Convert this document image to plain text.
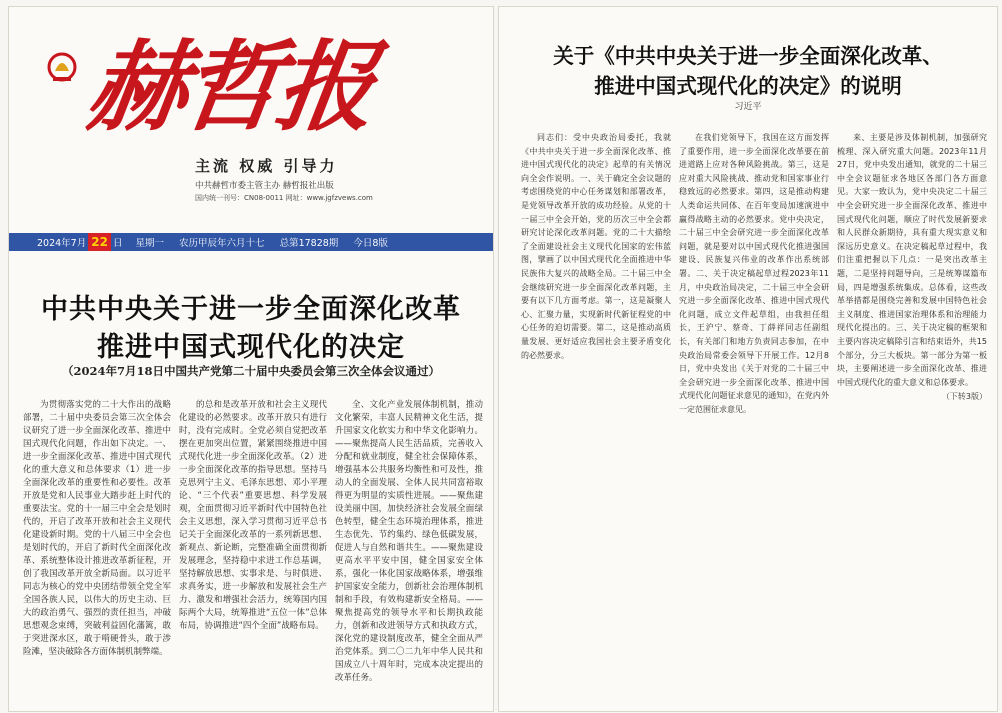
赫哲报
主流 权威 引导力
中共赫哲市委主管主办 赫哲报社出版
国内统一刊号：CN08-0011 网址：www.jgfzvews.com
2024年7月 22 日 星期一 农历甲辰年六月十七 总第17828期 今日8版
中共中央关于进一步全面深化改革
推进中国式现代化的决定
（2024年7月18日中国共产党第二十届中央委员会第三次全体会议通过）

为贯彻落实党的二十大作出的战略部署，二十届中央委员会第三次全体会议研究了进一步全面深化改革、推进中国式现代化问题，作出如下决定。一、进一步全面深化改革、推进中国式现代化的重大意义和总体要求（1）进一步全面深化改革的重要性和必要性。改革开放是党和人民事业大踏步赶上时代的重要法宝。党的十一届三中全会是划时代的，开启了改革开放和社会主义现代化建设新时期。党的十八届三中全会也是划时代的，开启了新时代全面深化改革、系统整体设计推进改革新征程，开创了我国改革开放全新局面。以习近平同志为核心的党中央团结带领全党全军全国各族人民，以伟大的历史主动、巨大的政治勇气、强烈的责任担当，冲破思想观念束缚，突破利益固化藩篱，敢于突进深水区，敢于啃硬骨头，敢于涉险滩，坚决破除各方面体制机制弊端。

的总和是改革开放和社会主义现代化建设的必然要求。改革开放只有进行时，没有完成时。全党必须自觉把改革摆在更加突出位置，紧紧围绕推进中国式现代化进一步全面深化改革。（2）进一步全面深化改革的指导思想。坚持马克思列宁主义、毛泽东思想、邓小平理论、“三个代表”重要思想、科学发展观，全面贯彻习近平新时代中国特色社会主义思想，深入学习贯彻习近平总书记关于全面深化改革的一系列新思想、新观点、新论断，完整准确全面贯彻新发展理念，坚持稳中求进工作总基调，坚持解放思想、实事求是、与时俱进、求真务实，进一步解放和发展社会生产力、激发和增强社会活力，统筹国内国际两个大局，统筹推进“五位一体”总体布局，协调推进“四个全面”战略布局。

全、文化产业发展体制机制，推动文化繁荣，丰富人民精神文化生活，提升国家文化软实力和中华文化影响力。——聚焦提高人民生活品质，完善收入分配和就业制度，健全社会保障体系，增强基本公共服务均衡性和可及性，推动人的全面发展、全体人民共同富裕取得更为明显的实质性进展。——聚焦建设美丽中国，加快经济社会发展全面绿色转型，健全生态环境治理体系，推进生态优先、节约集约、绿色低碳发展，促进人与自然和谐共生。——聚焦建设更高水平平安中国，健全国家安全体系，强化一体化国家战略体系，增强维护国家安全能力，创新社会治理体制机制和手段，有效构建新安全格局。——聚焦提高党的领导水平和长期执政能力，创新和改进领导方式和执政方式，深化党的建设制度改革，健全全面从严治党体系。到二〇二九年中华人民共和国成立八十周年时，完成本决定提出的改革任务。

关于《中共中央关于进一步全面深化改革、
推进中国式现代化的决定》的说明
习近平

同志们：受中央政治局委托，我就《中共中央关于进一步全面深化改革、推进中国式现代化的决定》起草的有关情况向全会作说明。一、关于确定全会议题的考虑围绕党的中心任务谋划和部署改革，是党领导改革开放的成功经验。从党的十一届三中全会开始，党的历次三中全会都研究讨论深化改革问题。党的二十大描绘了全面建设社会主义现代化国家的宏伟蓝图，擘画了以中国式现代化全面推进中华民族伟大复兴的战略全局。二十届三中全会继续研究进一步全面深化改革问题，主要有以下几方面考虑。第一，这是凝聚人心、汇聚力量，实现新时代新征程党的中心任务的迫切需要。第二，这是推动高质量发展、更好适应我国社会主要矛盾变化的必然要求。

在我们党领导下，我国在这方面发挥了重要作用，进一步全面深化改革要在前进道路上应对各种风险挑战。第三，这是应对重大风险挑战、推动党和国家事业行稳致远的必然要求。第四，这是推动构建人类命运共同体、在百年变局加速演进中赢得战略主动的必然要求。党中央决定，二十届三中全会研究进一步全面深化改革问题，就是要对以中国式现代化推进强国建设、民族复兴伟业的改革作出系统部署。二、关于决定稿起草过程2023年11月，中央政治局决定，二十届三中全会研究进一步全面深化改革、推进中国式现代化问题，成立文件起草组，由我担任组长，王沪宁、蔡奇、丁薛祥同志任副组长，有关部门和地方负责同志参加，在中央政治局常委会领导下开展工作。12月8日，党中央发出《关于对党的二十届三中全会研究进一步全面深化改革、推进中国式现代化问题征求意见的通知》，在党内外一定范围征求意见。

来、主要是涉及体制机制，加强研究梳理、深入研究重大问题。2023年11月27日，党中央发出通知，就党的二十届三中全会议题征求各地区各部门各方面意见。大家一致认为，党中央决定二十届三中全会研究进一步全面深化改革、推进中国式现代化问题，顺应了时代发展新要求和人民群众新期待，具有重大现实意义和深远历史意义。在决定稿起草过程中，我们注重把握以下几点：一是突出改革主题，二是坚持问题导向，三是统筹谋篇布局，四是增强系统集成。总体看，这些改革举措都是围绕完善和发展中国特色社会主义制度、推进国家治理体系和治理能力现代化提出的。三、关于决定稿的框架和主要内容决定稿除引言和结束语外，共15个部分，分三大板块。第一部分为第一板块，主要阐述进一步全面深化改革、推进中国式现代化的重大意义和总体要求。

（下转3版）
